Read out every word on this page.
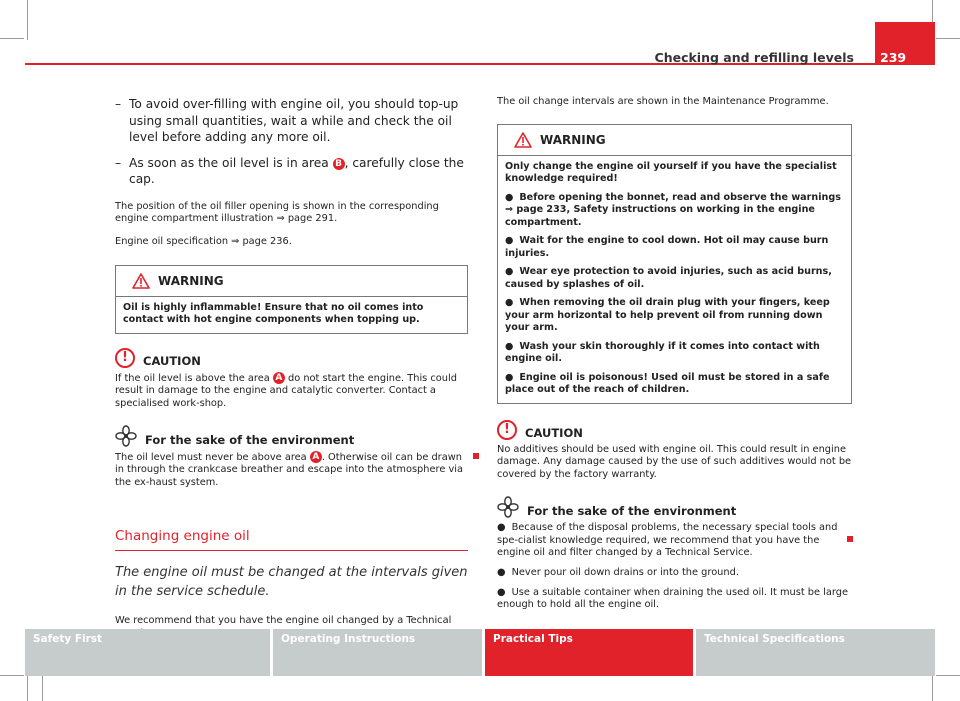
Checking and refilling levels 239
– To avoid over-filling with engine oil, you should top-up using small quantities, wait a while and check the oil level before adding any more oil.
– As soon as the oil level is in area B , carefully close the cap.
The position of the oil filler opening is shown in the corresponding engine compartment illustration ⇒ page 291.
Engine oil specification ⇒ page 236.
WARNING
Oil is highly inflammable! Ensure that no oil comes into contact with hot engine components when topping up.
!	CAUTION
If the oil level is above the area A do not start the engine. This could result in damage to the engine and catalytic converter. Contact a specialised work-shop.
For the sake of the environment
The oil level must never be above area A . Otherwise oil can be drawn in through the crankcase breather and escape into the atmosphere via the ex-haust system.
Changing engine oil
The engine oil must be changed at the intervals given in the service schedule.
We recommend that you have the engine oil changed by a Technical
The oil change intervals are shown in the Maintenance Programme.
WARNING
Only change the engine oil yourself if you have the specialist knowledge required!
● Before opening the bonnet, read and observe the warnings ⇒ page 233, Safety instructions on working in the engine compartment.
● Wait for the engine to cool down. Hot oil may cause burn injuries.
● Wear eye protection to avoid injuries, such as acid burns, caused by splashes of oil.
● When removing the oil drain plug with your fingers, keep your arm horizontal to help prevent oil from running down your arm.
● Wash your skin thoroughly if it comes into contact with engine oil.
● Engine oil is poisonous! Used oil must be stored in a safe place out of the reach of children.
!	CAUTION
No additives should be used with engine oil. This could result in engine damage. Any damage caused by the use of such additives would not be covered by the factory warranty.
For the sake of the environment
● Because of the disposal problems, the necessary special tools and spe-cialist knowledge required, we recommend that you have the engine oil and filter changed by a Technical Service.
● Never pour oil down drains or into the ground.
● Use a suitable container when draining the used oil. It must be large enough to hold all the engine oil.
Safety First	Operating Instructions	Practical Tips	Technical Specifications
